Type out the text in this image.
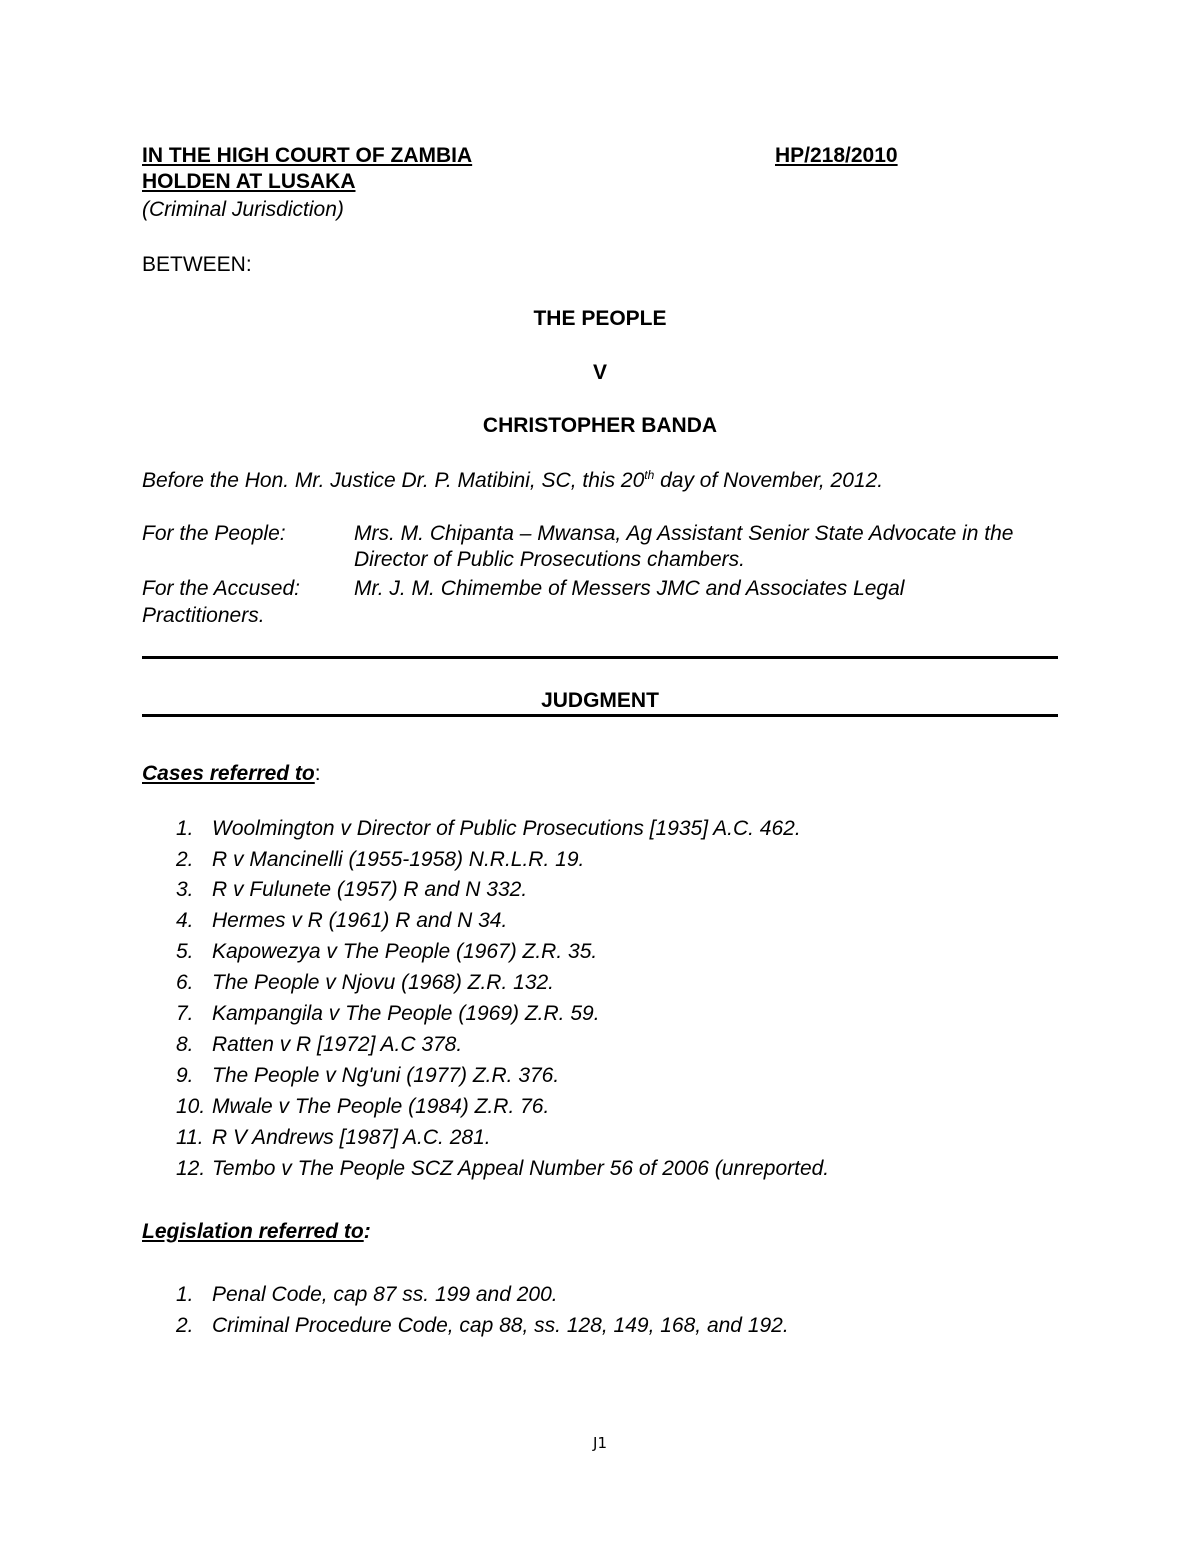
IN THE HIGH COURT OF ZAMBIA	HP/218/2010
HOLDEN AT LUSAKA
(Criminal Jurisdiction)
BETWEEN:
THE PEOPLE
V
CHRISTOPHER BANDA
Before the Hon. Mr. Justice Dr. P. Matibini, SC, this 20th day of November, 2012.
For the People:	Mrs. M. Chipanta – Mwansa, Ag Assistant Senior State Advocate in the Director of Public Prosecutions chambers.
For the Accused:	Mr. J. M. Chimembe of Messers JMC and Associates Legal
Practitioners.
JUDGMENT
Cases referred to:
1. Woolmington v Director of Public Prosecutions [1935] A.C. 462.
2. R v Mancinelli (1955-1958) N.R.L.R. 19.
3. R v Fulunete (1957) R and N 332.
4. Hermes v R (1961) R and N 34.
5. Kapowezya v The People (1967) Z.R. 35.
6. The People v Njovu (1968) Z.R. 132.
7. Kampangila v The People (1969) Z.R. 59.
8. Ratten v R [1972] A.C 378.
9. The People v Ng'uni (1977) Z.R. 376.
10. Mwale v The People (1984) Z.R. 76.
11. R V Andrews [1987] A.C. 281.
12. Tembo v The People SCZ Appeal Number 56 of 2006 (unreported.
Legislation referred to:
1. Penal Code, cap 87 ss. 199 and 200.
2. Criminal Procedure Code, cap 88, ss. 128, 149, 168, and 192.
J1
